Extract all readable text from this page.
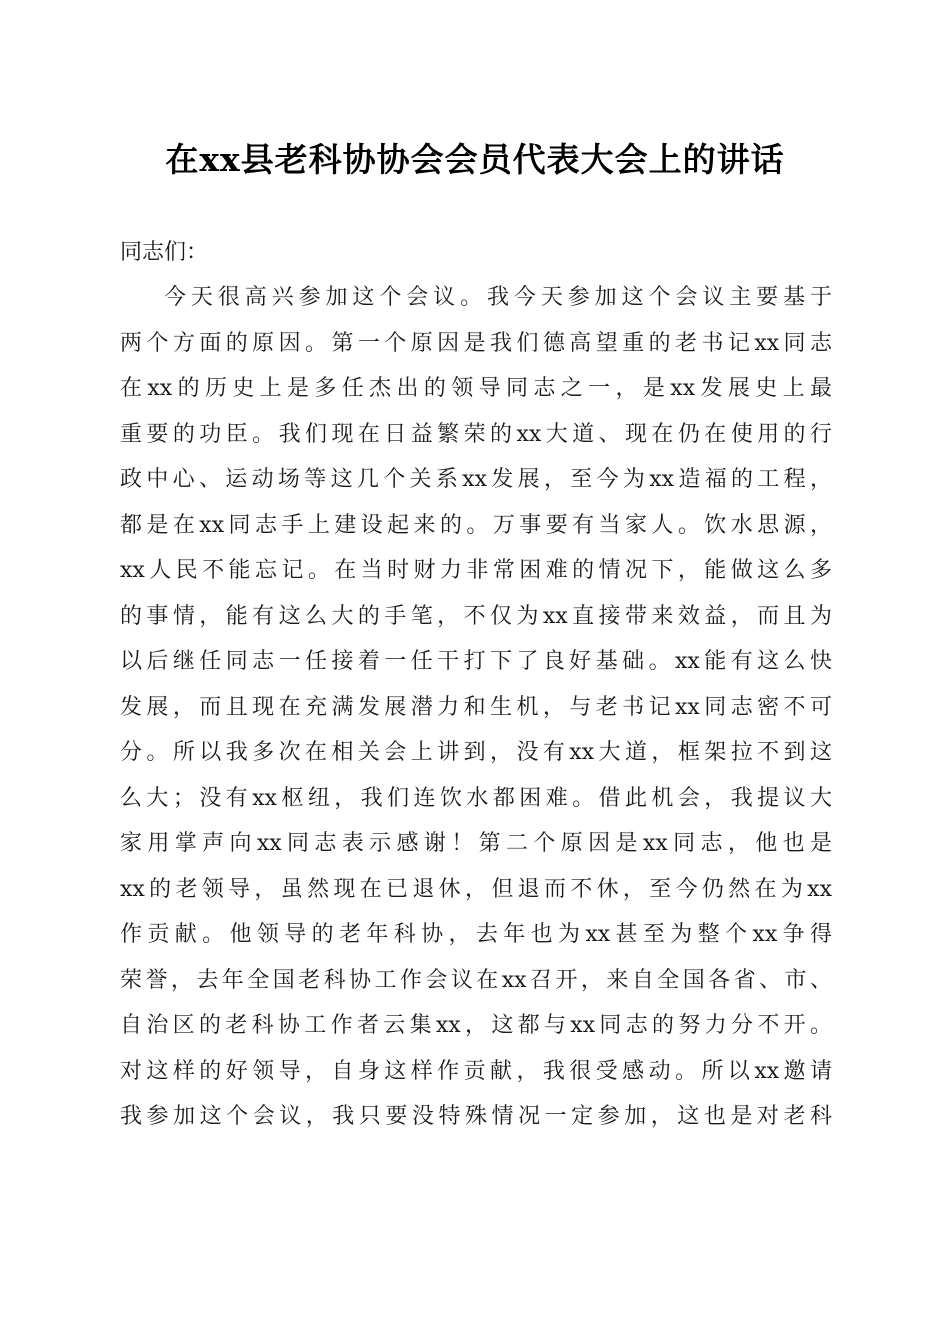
在xx县老科协协会会员代表大会上的讲话

同志们：

今天很高兴参加这个会议。我今天参加这个会议主要基于
两个方面的原因。第一个原因是我们德高望重的老书记xx同志
在xx的历史上是多任杰出的领导同志之一，是xx发展史上最
重要的功臣。我们现在日益繁荣的xx大道、现在仍在使用的行
政中心、运动场等这几个关系xx发展，至今为xx造福的工程，
都是在xx同志手上建设起来的。万事要有当家人。饮水思源，
xx人民不能忘记。在当时财力非常困难的情况下，能做这么多
的事情，能有这么大的手笔，不仅为xx直接带来效益，而且为
以后继任同志一任接着一任干打下了良好基础。xx能有这么快
发展，而且现在充满发展潜力和生机，与老书记xx同志密不可
分。所以我多次在相关会上讲到，没有xx大道，框架拉不到这
么大；没有xx枢纽，我们连饮水都困难。借此机会，我提议大
家用掌声向xx同志表示感谢！第二个原因是xx同志，他也是
xx的老领导，虽然现在已退休，但退而不休，至今仍然在为xx
作贡献。他领导的老年科协，去年也为xx甚至为整个xx争得
荣誉，去年全国老科协工作会议在xx召开，来自全国各省、市、
自治区的老科协工作者云集xx，这都与xx同志的努力分不开。
对这样的好领导，自身这样作贡献，我很受感动。所以xx邀请
我参加这个会议，我只要没特殊情况一定参加，这也是对老科
